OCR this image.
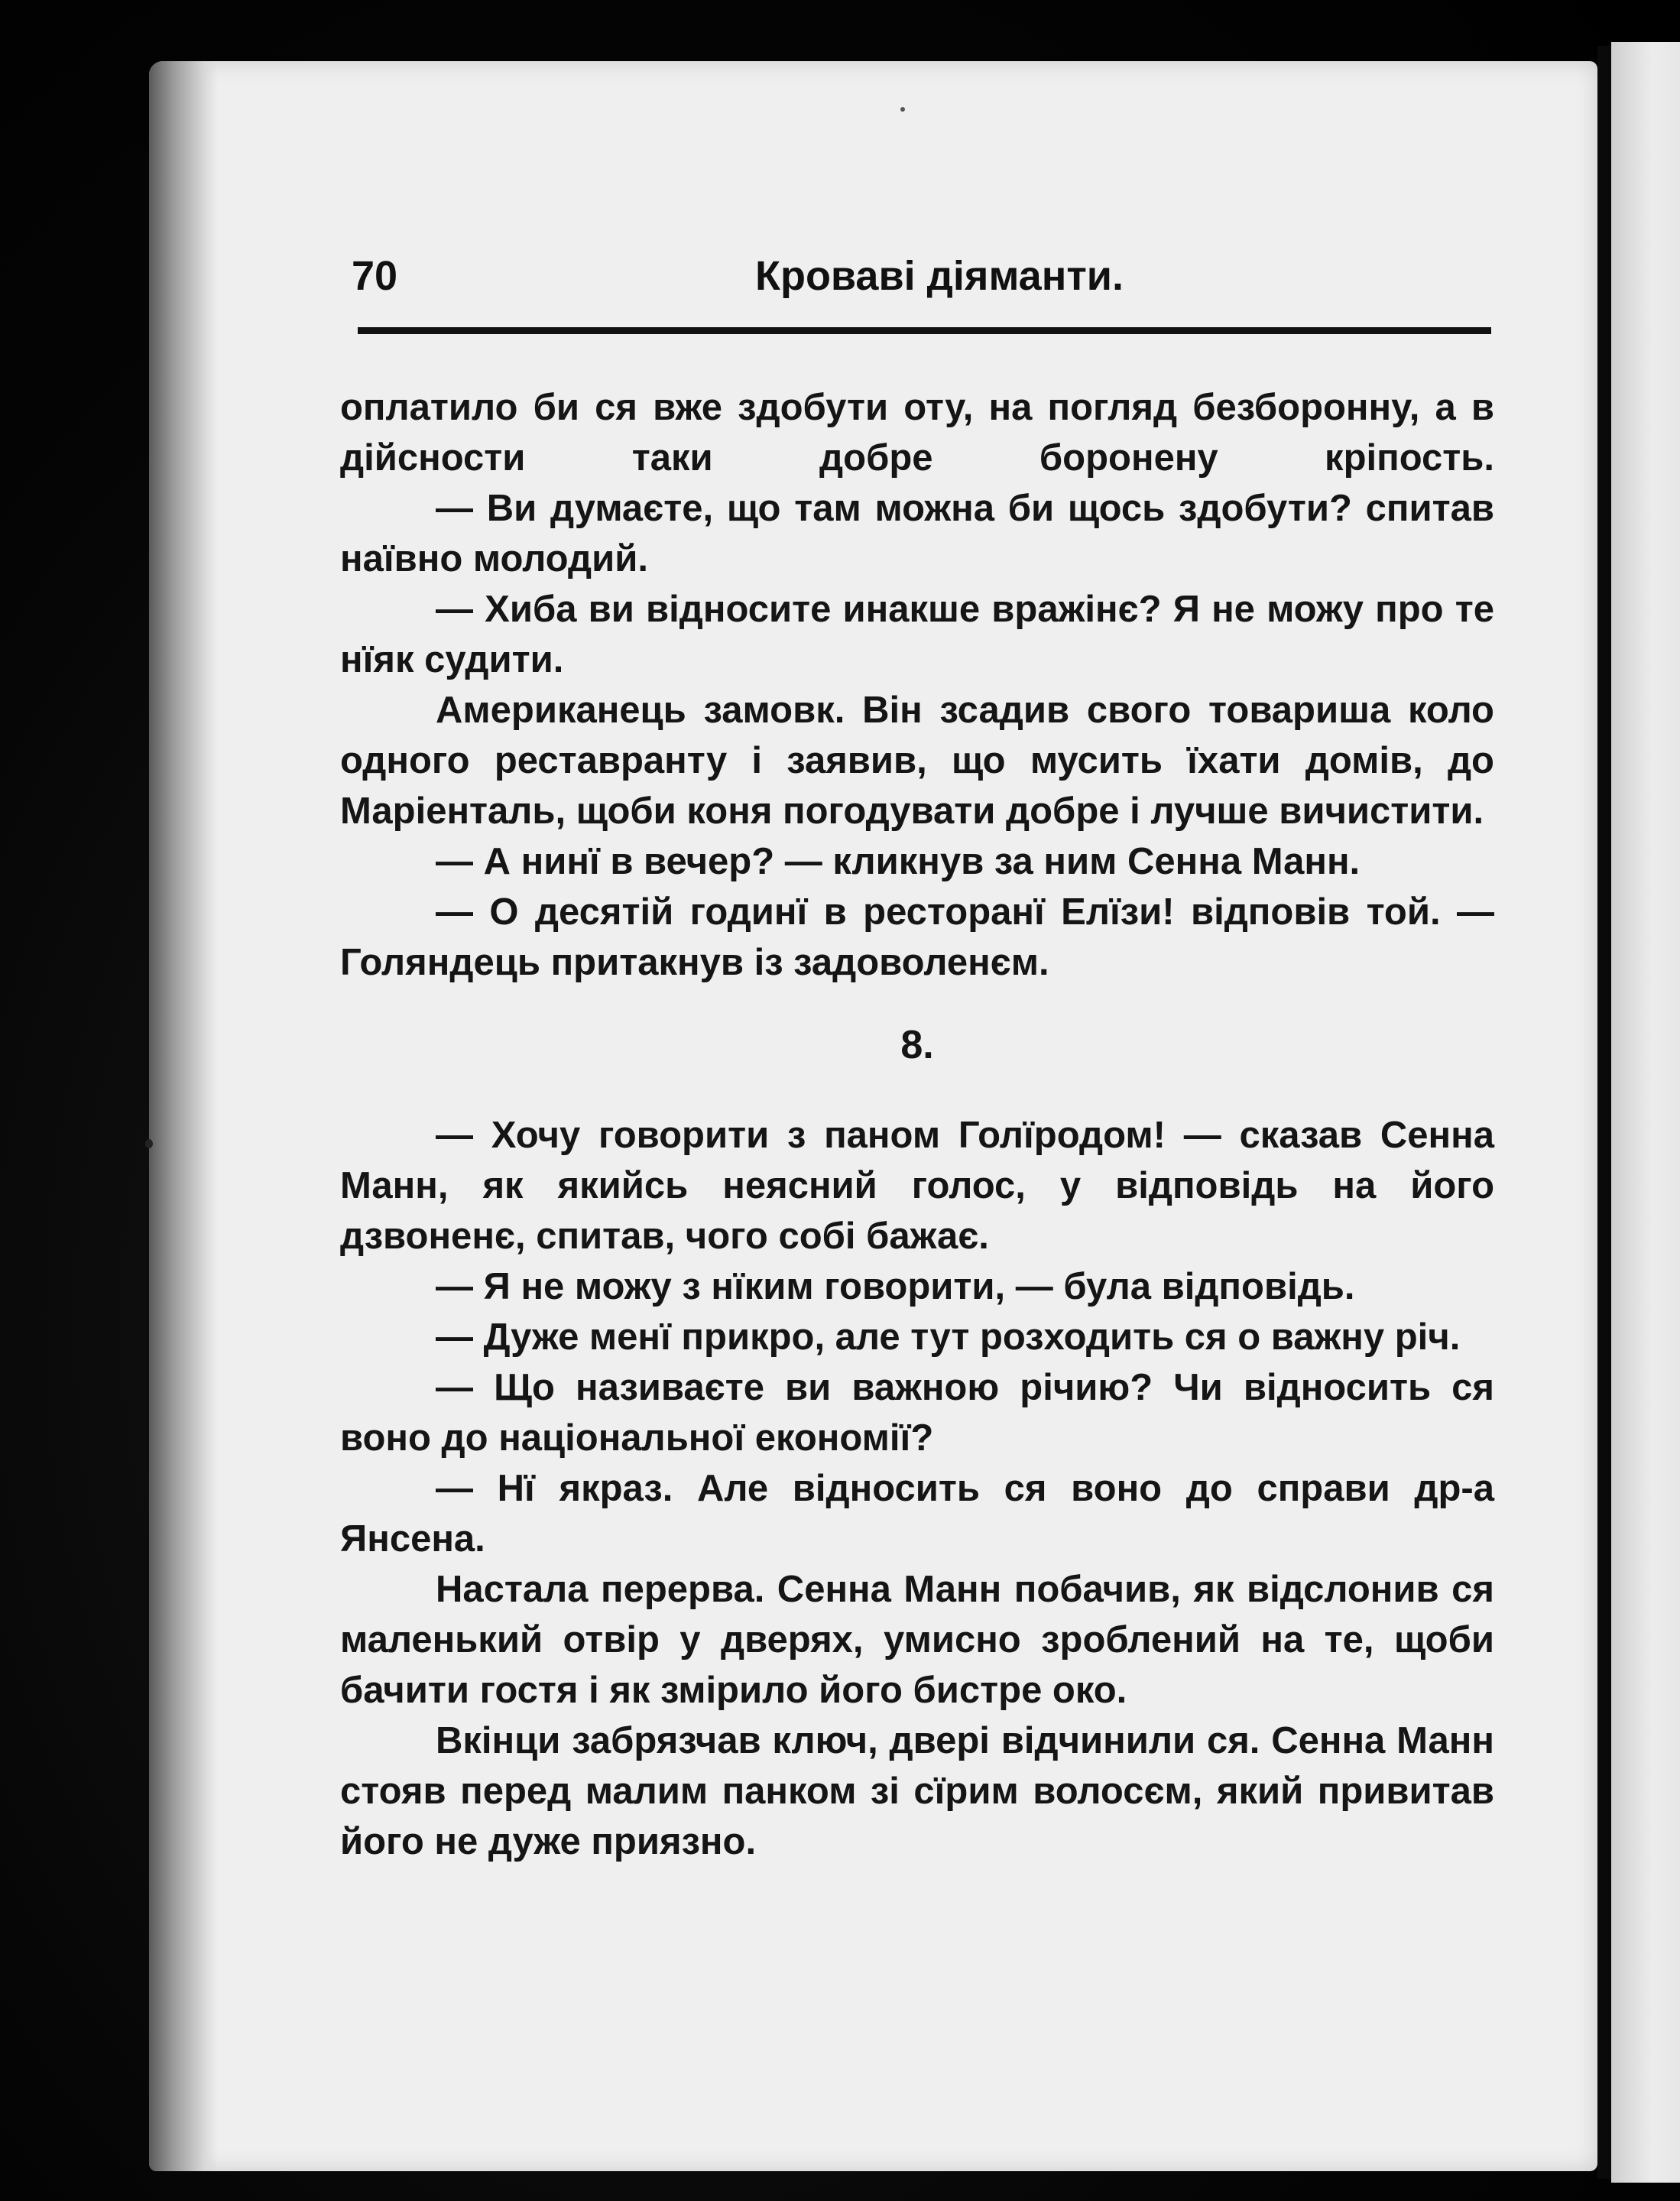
70	Кроваві діяманти.

оплатило би ся вже здобути оту, на погляд безборонну, а в дійсности таки добре боронену кріпость.

— Ви думаєте, що там можна би щось здобути? спитав наївно молодий.

— Хиба ви відносите инакше вражінє? Я не можу про те нїяк судити.

Американець замовк. Він зсадив свого товариша коло одного реставранту і заявив, що мусить їхати домів, до Маріенталь, щоби коня погодувати добре і лучше вичистити.

— А нинї в вечер? — кликнув за ним Сенна Манн.

— О десятій годинї в ресторанї Елїзи! відповів той. — Голяндець притакнув із задоволенєм.

8.

— Хочу говорити з паном Голїродом! — сказав Сенна Манн, як якийсь неясний голос, у відповідь на його дзвоненє, спитав, чого собі бажає.

— Я не можу з нїким говорити, — була відповідь.

— Дуже менї прикро, але тут розходить ся о важну річ.

— Що називаєте ви важною річию? Чи відносить ся воно до національної економії?

— Нї якраз. Але відносить ся воно до справи др-а Янсена.

Настала перерва. Сенна Манн побачив, як відслонив ся маленький отвір у дверях, умисно зроблений на те, щоби бачити гостя і як змірило його бистре око.

Вкінци забрязчав ключ, двері відчинили ся. Сенна Манн стояв перед малим панком зі сїрим волосєм, який привитав його не дуже приязно.
